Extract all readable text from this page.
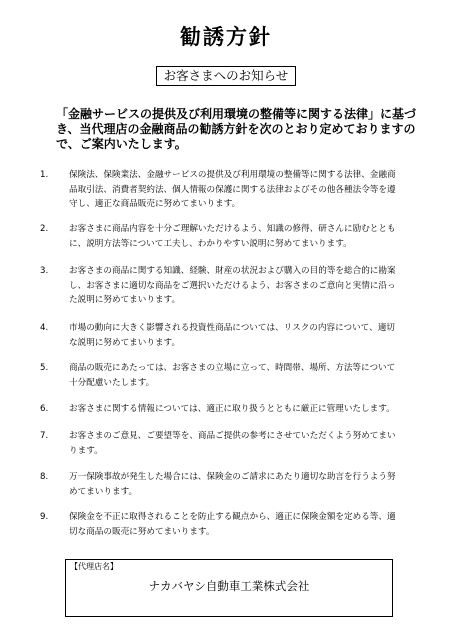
勧誘方針
お客さまへのお知らせ
「金融サービスの提供及び利用環境の整備等に関する法律」に基づき、当代理店の金融商品の勧誘方針を次のとおり定めておりますので、ご案内いたします。
1.	保険法、保険業法、金融サービスの提供及び利用環境の整備等に関する法律、金融商品取引法、消費者契約法、個人情報の保護に関する法律およびその他各種法令等を遵守し、適正な商品販売に努めてまいります。
2.	お客さまに商品内容を十分ご理解いただけるよう、知識の修得、研さんに励むとともに、説明方法等について工夫し、わかりやすい説明に努めてまいります。
3.	お客さまの商品に関する知識、経験、財産の状況および購入の目的等を総合的に勘案し、お客さまに適切な商品をご選択いただけるよう、お客さまのご意向と実情に沿った説明に努めてまいります。
4.	市場の動向に大きく影響される投資性商品については、リスクの内容について、適切な説明に努めてまいります。
5.	商品の販売にあたっては、お客さまの立場に立って、時間帯、場所、方法等について十分配慮いたします。
6.	お客さまに関する情報については、適正に取り扱うとともに厳正に管理いたします。
7.	お客さまのご意見、ご要望等を、商品ご提供の参考にさせていただくよう努めてまいります。
8.	万一保険事故が発生した場合には、保険金のご請求にあたり適切な助言を行うよう努めてまいります。
9.	保険金を不正に取得されることを防止する観点から、適正に保険金額を定める等、適切な商品の販売に努めてまいります。
【代理店名】
ナカバヤシ自動車工業株式会社
